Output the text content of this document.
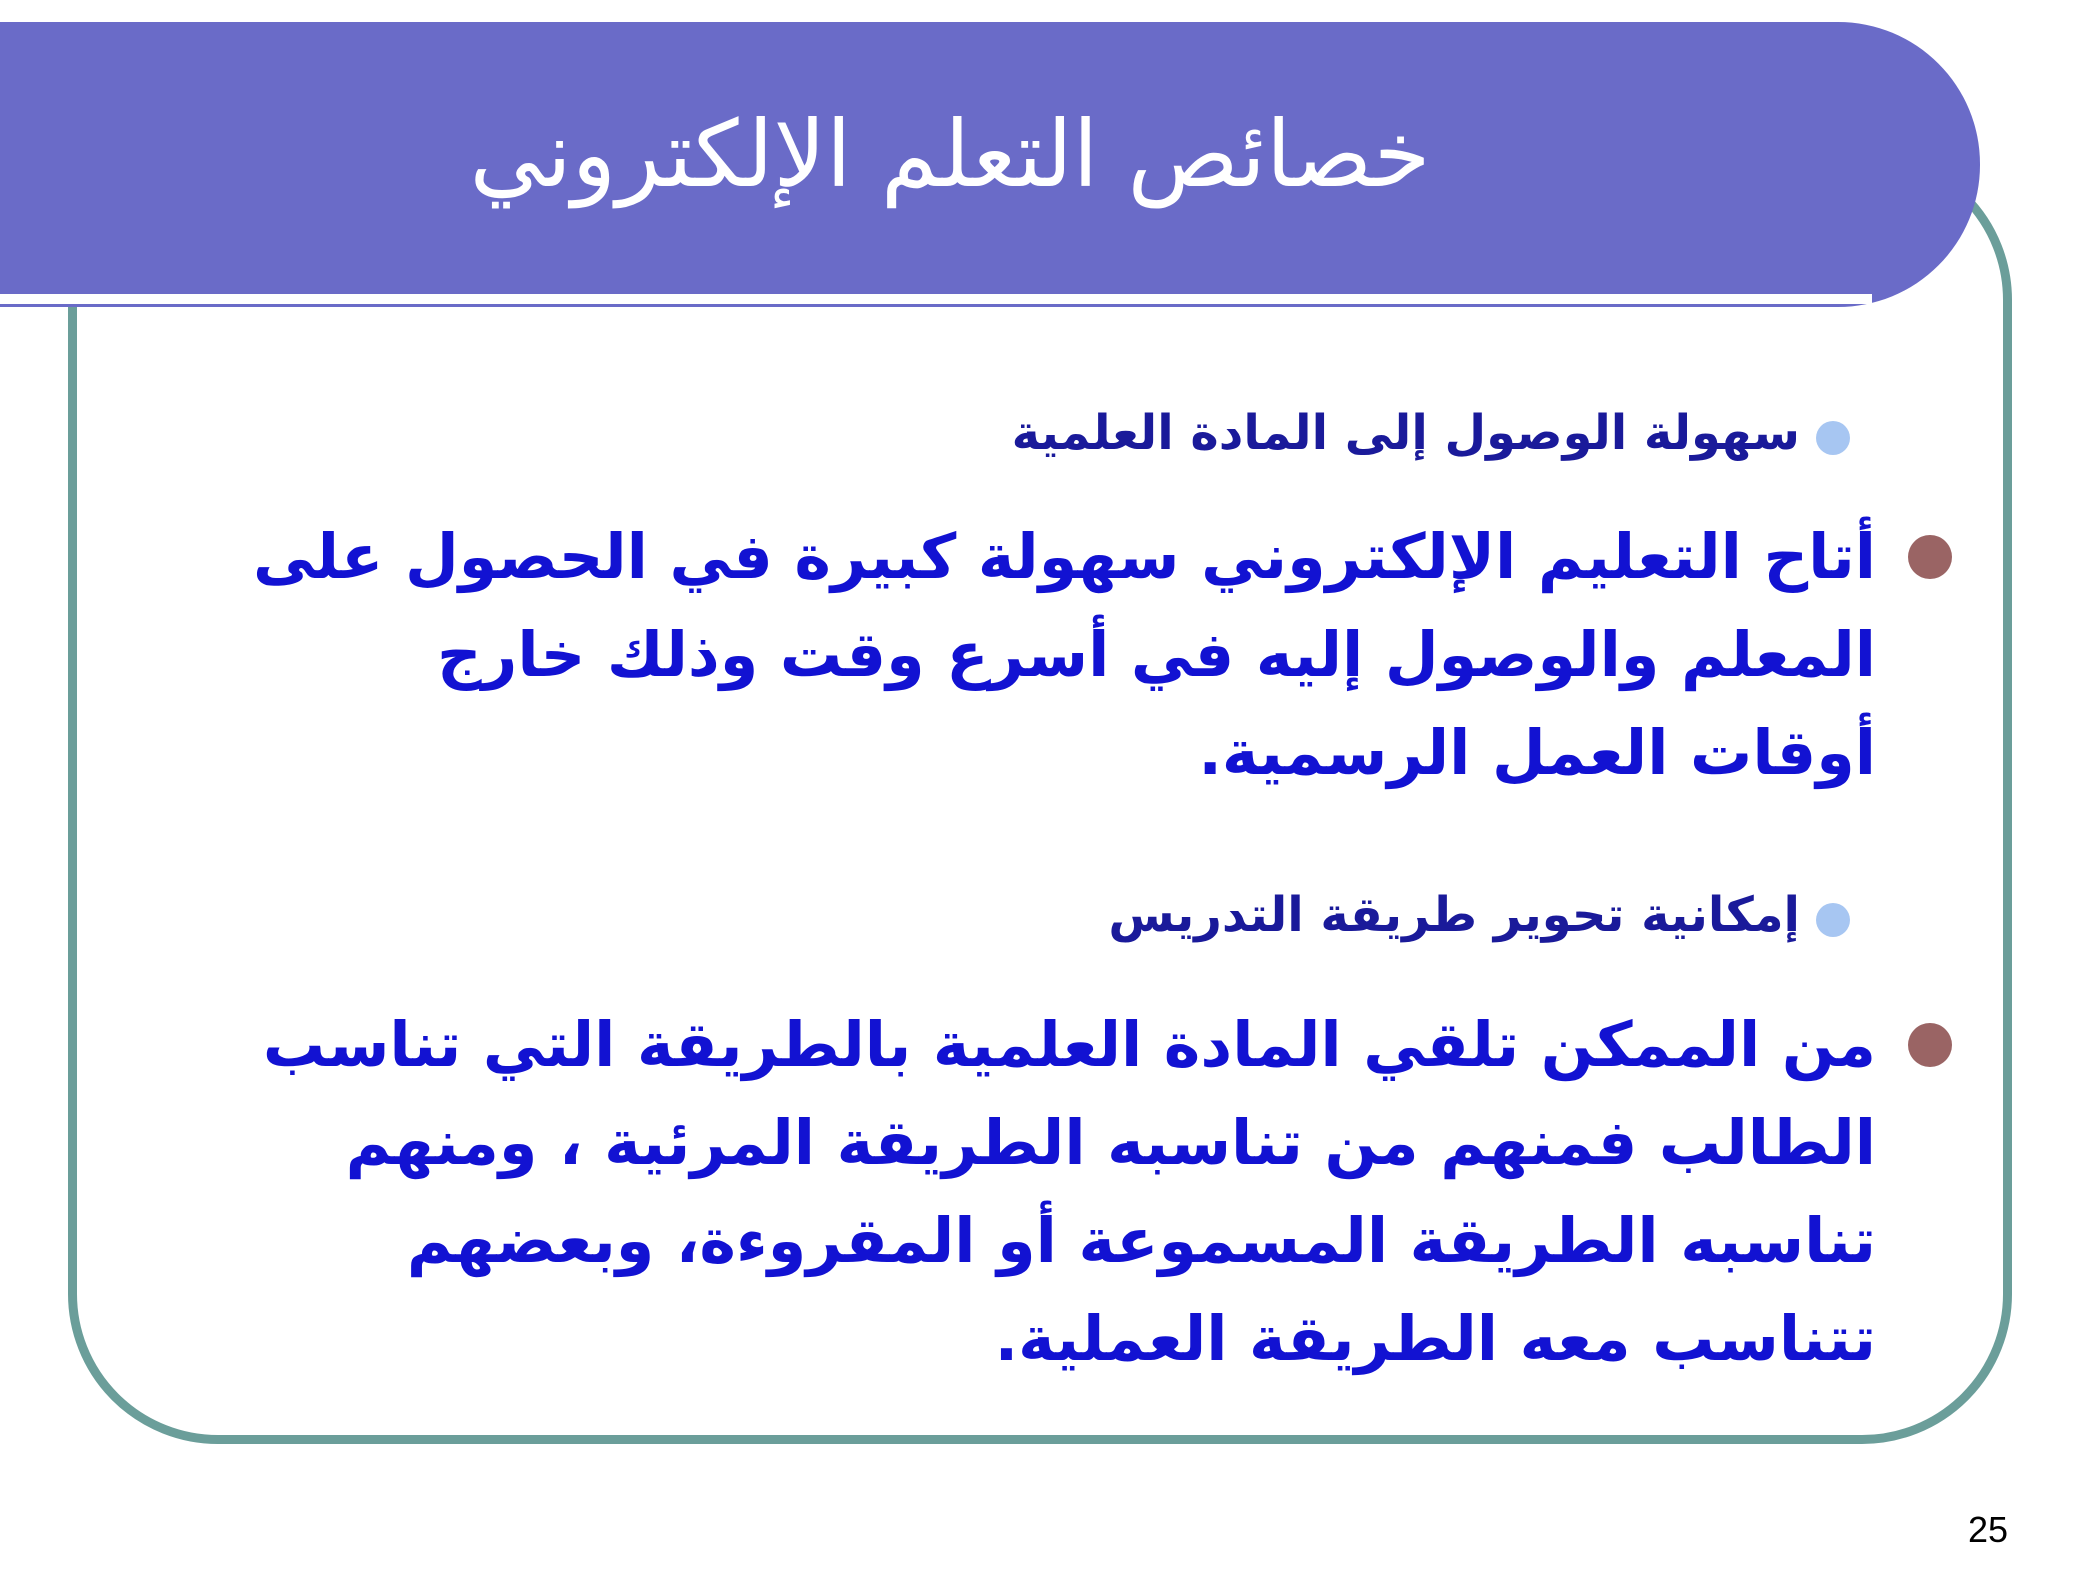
خصائص التعلم الإلكتروني
سهولة الوصول إلى المادة العلمية
أتاح التعليم الإلكتروني سهولة كبيرة في الحصول على المعلم والوصول إليه في أسرع وقت وذلك خارج أوقات العمل الرسمية.
إمكانية تحوير طريقة التدريس
من الممكن تلقي المادة العلمية بالطريقة التي تناسب الطالب فمنهم من تناسبه الطريقة المرئية ، ومنهم تناسبه الطريقة المسموعة أو المقروءة، وبعضهم تتناسب معه الطريقة العملية.
25
